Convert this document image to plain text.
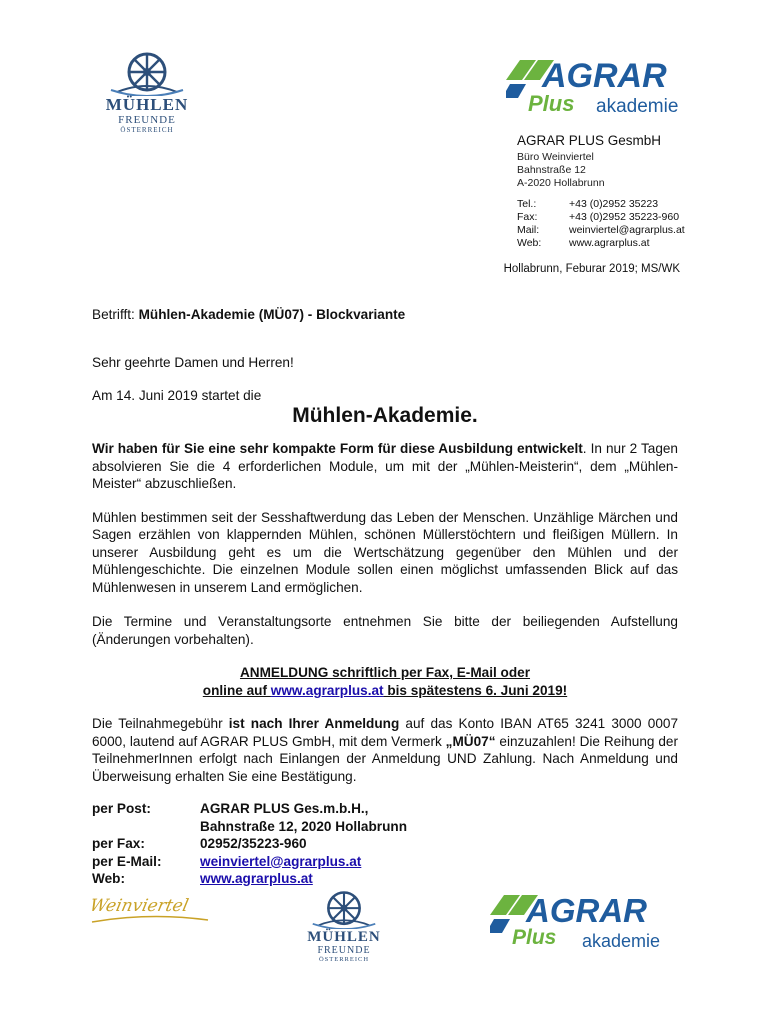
MÜHLEN
FREUNDE
ÖSTERREICH
AGRAR
Plus akademie
AGRAR PLUS GesmbH
Büro Weinviertel
Bahnstraße 12
A-2020 Hollabrunn
Tel.:	+43 (0)2952 35223
Fax:	+43 (0)2952 35223-960
Mail:	weinviertel@agrarplus.at
Web:	www.agrarplus.at
Hollabrunn, Feburar 2019; MS/WK
Betrifft: Mühlen-Akademie (MÜ07) - Blockvariante
Sehr geehrte Damen und Herren!
Am 14. Juni 2019 startet die
Mühlen-Akademie.

Wir haben für Sie eine sehr kompakte Form für diese Ausbildung entwickelt. In nur 2 Tagen absolvieren Sie die 4 erforderlichen Module, um mit der „Mühlen-Meisterin“, dem „Mühlen-Meister“ abzuschließen.

Mühlen bestimmen seit der Sesshaftwerdung das Leben der Menschen. Unzählige Märchen und Sagen erzählen von klappernden Mühlen, schönen Müllerstöchtern und fleißigen Müllern. In unserer Ausbildung geht es um die Wertschätzung gegenüber den Mühlen und der Mühlengeschichte. Die einzelnen Module sollen einen möglichst umfassenden Blick auf das Mühlenwesen in unserem Land ermöglichen.

Die Termine und Veranstaltungsorte entnehmen Sie bitte der beiliegenden Aufstellung (Änderungen vorbehalten).

ANMELDUNG schriftlich per Fax, E-Mail oder
online auf www.agrarplus.at bis spätestens 6. Juni 2019!

Die Teilnahmegebühr ist nach Ihrer Anmeldung auf das Konto IBAN AT65 3241 3000 0007 6000, lautend auf AGRAR PLUS GmbH, mit dem Vermerk „MÜ07“ einzuzahlen! Die Reihung der TeilnehmerInnen erfolgt nach Einlangen der Anmeldung UND Zahlung. Nach Anmeldung und Überweisung erhalten Sie eine Bestätigung.

per Post:	AGRAR PLUS Ges.m.b.H.,
Bahnstraße 12, 2020 Hollabrunn
per Fax:	02952/35223-960
per E-Mail:	weinviertel@agrarplus.at
Web:	www.agrarplus.at
Weinviertel
MÜHLEN
FREUNDE
ÖSTERREICH
AGRAR
Plus akademie
